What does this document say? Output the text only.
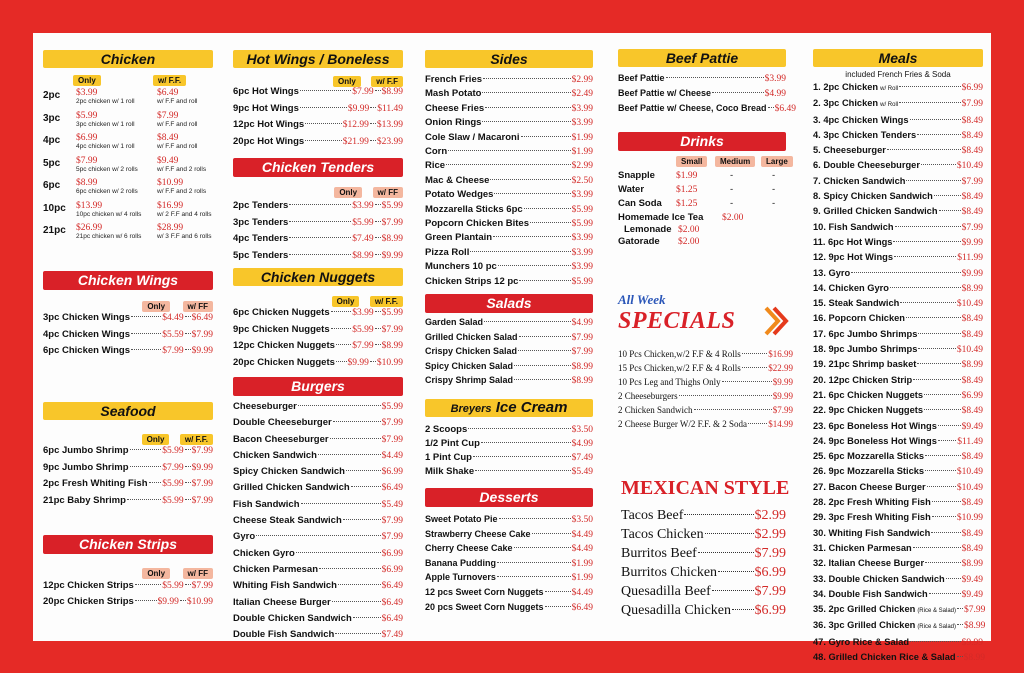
Chicken
Only	w/ F.F.
2pc $3.99
2pc chicken w/ 1 roll
$6.49
w/ F.F and roll
3pc $5.99
3pc chicken w/ 1 roll
$7.99
w/ F.F and roll
4pc $6.99
4pc chicken w/ 1 roll
$8.49
w/ F.F and roll
5pc $7.99
5pc chicken w/ 2 rolls
$9.49
w/ F.F and 2 rolls
6pc $8.99
6pc chicken w/ 2 rolls
$10.99
w/ F.F and 2 rolls
10pc $13.99
10pc chicken w/ 4 rolls
$16.99
w/ 2 F.F and 4 rolls
21pc $26.99
21pc chicken w/ 6 rolls
$28.99
w/ 3 F.F and 6 rolls
Chicken Wings
Only	w/ FF
3pc Chicken Wings	$4.49 $6.49
4pc Chicken Wings	$5.59 $7.99
6pc Chicken Wings	$7.99 $9.99
Seafood
Only	w/ F.F.
6pc Jumbo Shrimp	$5.99 $7.99
9pc Jumbo Shrimp	$7.99 $9.99
2pc Fresh Whiting Fish $5.99 $7.99
21pc Baby Shrimp	$5.99 $7.99
Chicken Strips
Only	w/ FF
12pc Chicken Strips	$5.99 $7.99
20pc Chicken Strips $9.99 $10.99
Hot Wings / Boneless
Only	w/ F.F
6pc Hot Wings	$7.99 $8.99
9pc Hot Wings	$9.99 $11.49
12pc Hot Wings	$12.99 $13.99
20pc Hot Wings	$21.99 $23.99
Chicken Tenders
Only	w/ FF
2pc Tenders	$3.99 $5.99
3pc Tenders	$5.99 $7.99
4pc Tenders	$7.49 $8.99
5pc Tenders	$8.99 $9.99
Chicken Nuggets
Only	w/ F.F.
6pc Chicken Nuggets $3.99 $5.99
9pc Chicken Nuggets $5.99 $7.99
12pc Chicken Nuggets $7.99 $8.99
20pc Chicken Nuggets $9.99 $10.99
Burgers
Cheeseburger	$5.99
Double Cheeseburger	$7.99
Bacon Cheeseburger	$7.99
Chicken Sandwich	$4.49
Spicy Chicken Sandwich	$6.99
Grilled Chicken Sandwich	$6.49
Fish Sandwich	$5.49
Cheese Steak Sandwich	$7.99
Gyro	$7.99
Chicken Gyro	$6.99
Chicken Parmesan	$6.99
Whiting Fish Sandwich	$6.49
Italian Cheese Burger	$6.49
Double Chicken Sandwich	$6.49
Double Fish Sandwich	$7.49
Sides
French Fries	$2.99
Mash Potato	$2.49
Cheese Fries	$3.99
Onion Rings	$3.99
Cole Slaw / Macaroni	$1.99
Corn	$1.99
Rice	$2.99
Mac & Cheese	$2.50
Potato Wedges	$3.99
Mozzarella Sticks 6pc	$5.99
Popcorn Chicken Bites	$5.99
Green Plantain	$3.99
Pizza Roll	$3.99
Munchers 10 pc	$3.99
Chicken Strips 12 pc	$5.99
Salads
Garden Salad	$4.99
Grilled Chicken Salad	$7.99
Crispy Chicken Salad	$7.99
Spicy Chicken Salad	$8.99
Crispy Shrimp Salad	$8.99
Breyers Ice Cream
2 Scoops	$3.50
1/2 Pint Cup	$4.99
1 Pint Cup	$7.49
Milk Shake	$5.49
Desserts
Sweet Potato Pie	$3.50
Strawberry Cheese Cake	$4.49
Cherry Cheese Cake	$4.49
Banana Pudding	$1.99
Apple Turnovers	$1.99
12 pcs Sweet Corn Nuggets	$4.49
20 pcs Sweet Corn Nuggets	$6.49
Beef Pattie
Beef Pattie	$3.99
Beef Pattie w/ Cheese	$4.99
Beef Pattie w/ Cheese, Coco Bread $6.49
Drinks
Small	Medium	Large
Snapple $1.99	-	-
Water	$1.25	-	-
Can Soda $1.25	-	-
Homemade Ice Tea $2.00
Lemonade $2.00
Gatorade $2.00
All Week
SPECIALS
10 Pcs Chicken,w/2 F.F & 4 Rolls	$16.99
15 Pcs Chicken,w/2 F.F & 4 Rolls	$22.99
10 Pcs Leg and Thighs Only	$9.99
2 Cheeseburgers	$9.99
2 Chicken Sandwich	$7.99
2 Cheese Burger W/2 F.F. & 2 Soda $14.99
MEXICAN STYLE
Tacos Beef	$2.99
Tacos Chicken	$2.99
Burritos Beef	$7.99
Burritos Chicken	$6.99
Quesadilla Beef	$7.99
Quesadilla Chicken $6.99
Meals
included French Fries & Soda
1. 2pc Chicken w/ Roll	$6.99
2. 3pc Chicken w/ Roll	$7.99
3. 4pc Chicken Wings	$8.49
4. 3pc Chicken Tenders	$8.49
5. Cheeseburger	$8.49
6. Double Cheeseburger	$10.49
7. Chicken Sandwich	$7.99
8. Spicy Chicken Sandwich	$8.49
9. Grilled Chicken Sandwich	$8.49
10. Fish Sandwich	$7.99
11. 6pc Hot Wings	$9.99
12. 9pc Hot Wings	$11.99
13. Gyro	$9.99
14. Chicken Gyro	$8.99
15. Steak Sandwich	$10.49
16. Popcorn Chicken	$8.49
17. 6pc Jumbo Shrimps	$8.49
18. 9pc Jumbo Shrimps	$10.49
19. 21pc Shrimp basket	$8.99
20. 12pc Chicken Strip	$8.49
21. 6pc Chicken Nuggets	$6.99
22. 9pc Chicken Nuggets	$8.49
23. 6pc Boneless Hot Wings	$9.49
24. 9pc Boneless Hot Wings $11.49
25. 6pc Mozzarella Sticks	$8.49
26. 9pc Mozzarella Sticks	$10.49
27. Bacon Cheese Burger	$10.49
28. 2pc Fresh Whiting Fish	$8.49
29. 3pc Fresh Whiting Fish	$10.99
30. Whiting Fish Sandwich	$8.49
31. Chicken Parmesan	$8.49
32. Italian Cheese Burger	$8.99
33. Double Chicken Sandwich $9.49
34. Double Fish Sandwich	$9.49
35. 2pc Grilled Chicken (Rice & Salad) $7.99
36. 3pc Grilled Chicken (Rice & Salad) $8.99
47. Gyro Rice & Salad	$9.99
48. Grilled Chicken Rice & Salad $8.99
